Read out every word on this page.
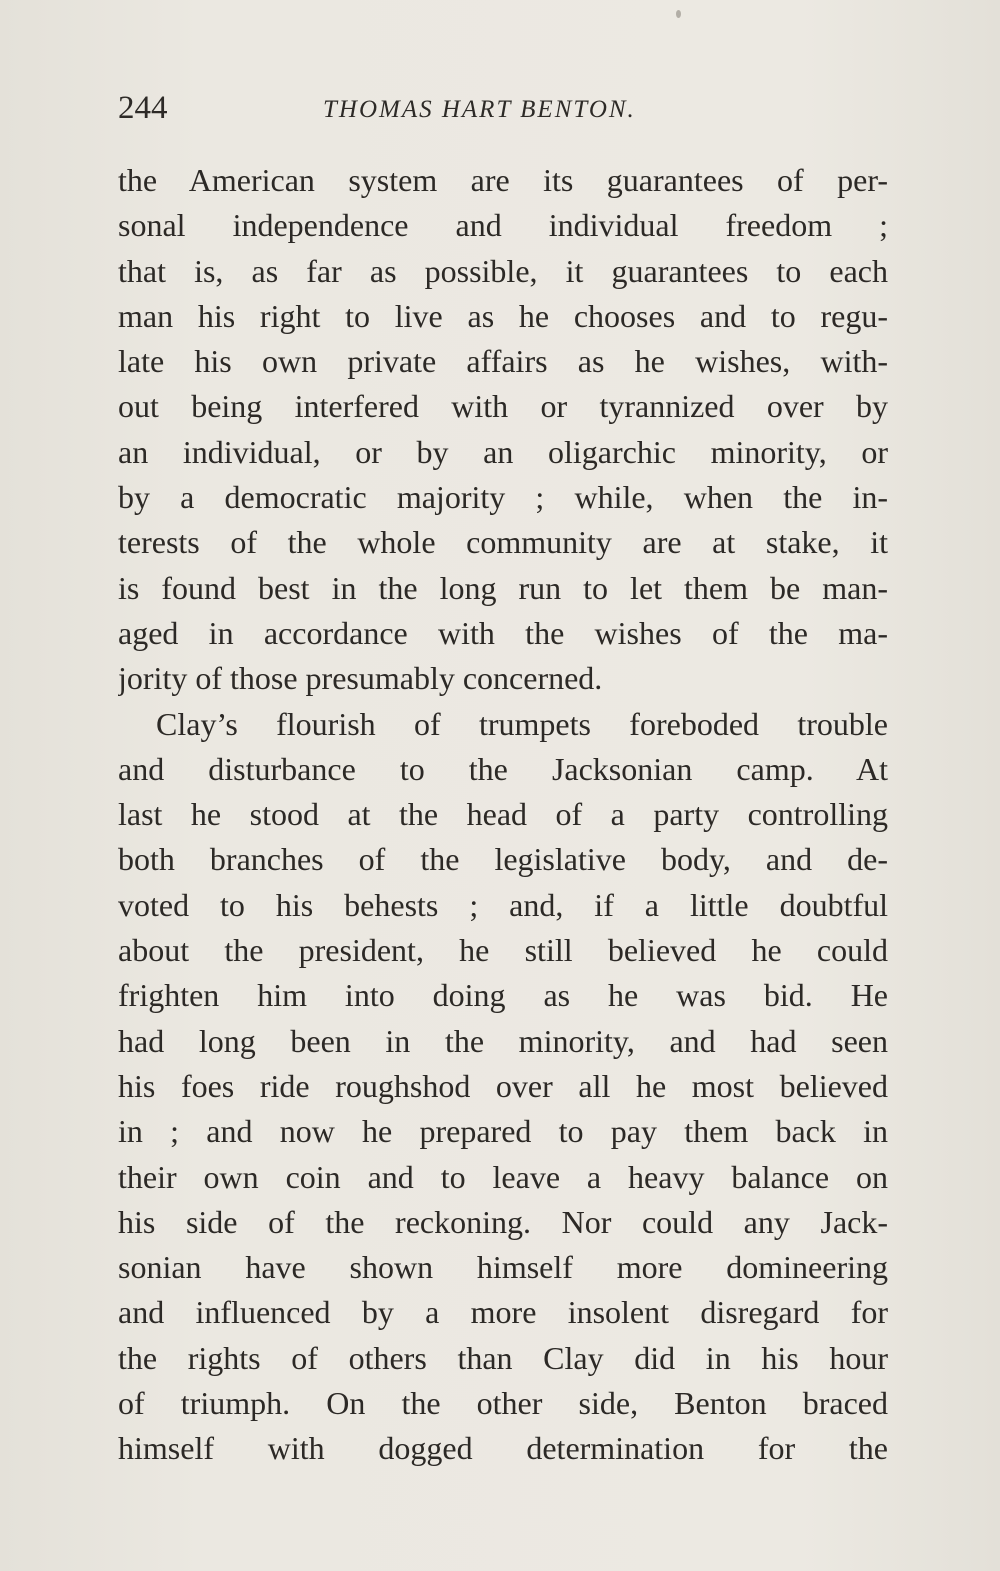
244	THOMAS HART BENTON.
the American system are its guarantees of per-
sonal independence and individual freedom ;
that is, as far as possible, it guarantees to each
man his right to live as he chooses and to regu-
late his own private affairs as he wishes, with-
out being interfered with or tyrannized over by
an individual, or by an oligarchic minority, or
by a democratic majority ; while, when the in-
terests of the whole community are at stake, it
is found best in the long run to let them be man-
aged in accordance with the wishes of the ma-
jority of those presumably concerned.
Clay’s flourish of trumpets foreboded trouble
and disturbance to the Jacksonian camp. At
last he stood at the head of a party controlling
both branches of the legislative body, and de-
voted to his behests ; and, if a little doubtful
about the president, he still believed he could
frighten him into doing as he was bid. He
had long been in the minority, and had seen
his foes ride roughshod over all he most believed
in ; and now he prepared to pay them back in
their own coin and to leave a heavy balance on
his side of the reckoning. Nor could any Jack-
sonian have shown himself more domineering
and influenced by a more insolent disregard for
the rights of others than Clay did in his hour
of triumph. On the other side, Benton braced
himself with dogged determination for the
